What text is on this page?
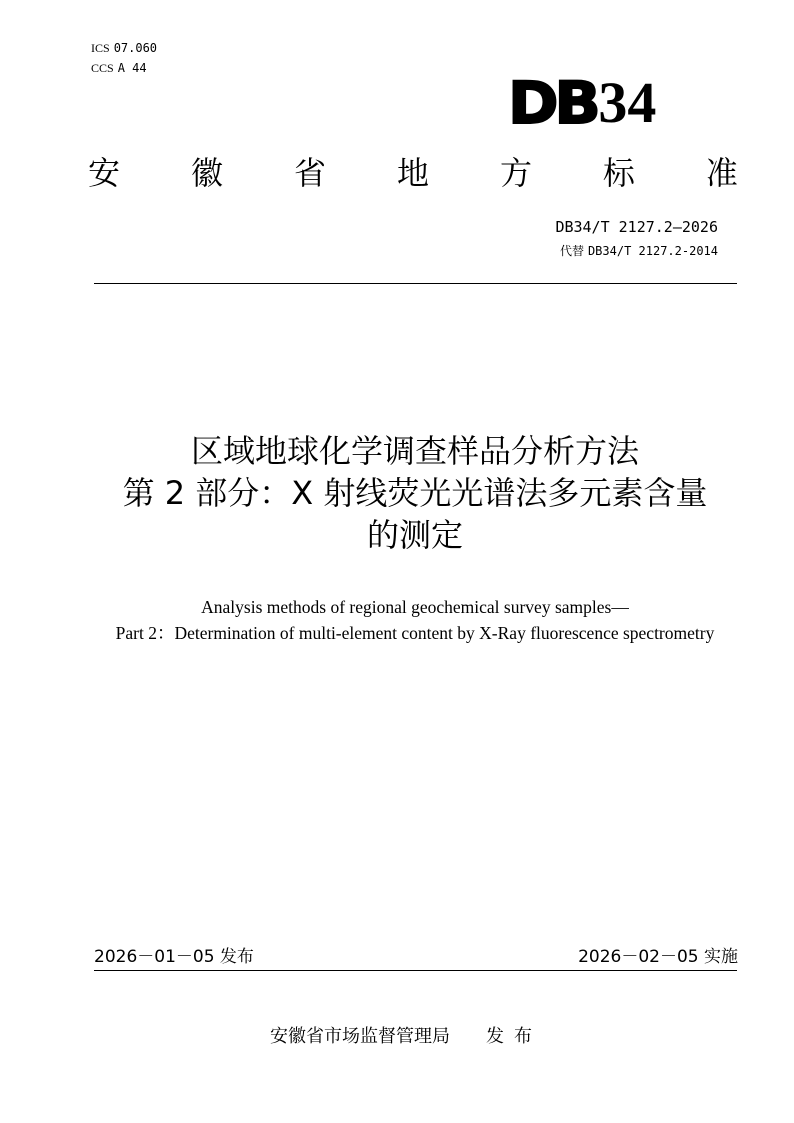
ICS 07.060
CCS A 44
DB 34
安 徽 省 地 方 标 准
DB34/T 2127.2—2026
代替 DB34/T 2127.2-2014
区域地球化学调查样品分析方法
第 2 部分：X 射线荧光光谱法多元素含量
的测定
Analysis methods of regional geochemical survey samples—
Part 2：Determination of multi-element content by X-Ray fluorescence spectrometry
2026－01－05 发布	2026－02－05 实施
安徽省市场监督管理局 发布
